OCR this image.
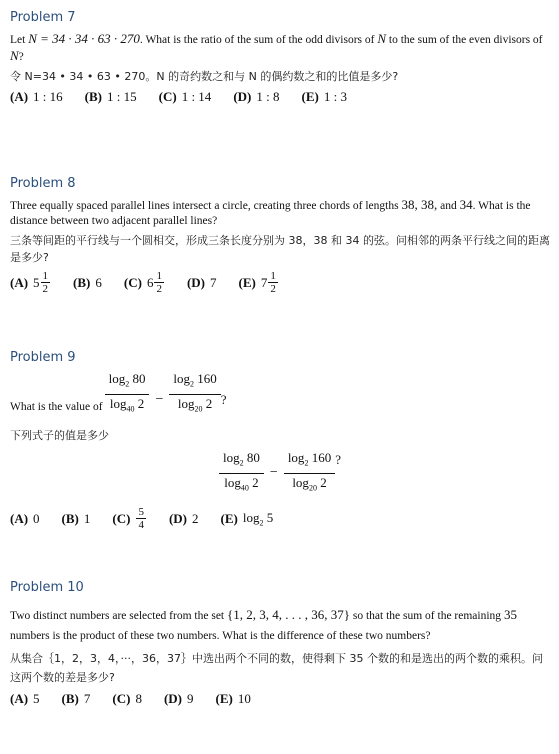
Problem 7

Let N = 34 · 34 · 63 · 270. What is the ratio of the sum of the odd divisors of N to the sum of the even divisors of N?

令 N=34 • 34 • 63 • 270。N 的奇约数之和与 N 的偶约数之和的比值是多少?

(A) 1 : 16 (B) 1 : 15 (C) 1 : 14 (D) 1 : 8 (E) 1 : 3
Problem 8

Three equally spaced parallel lines intersect a circle, creating three chords of lengths 38, 38, and 34. What is the distance between two adjacent parallel lines?

三条等间距的平行线与一个圆相交，形成三条长度分别为 38，38 和 34 的弦。问相邻的两条平行线之间的距离是多少?

(A) $5 \frac{1}{2} (B)$ 6 (C) $6 \frac{1}{2} (D)$ 7 (E) $7 \frac{1}{2}$
Problem 9
What is the value of $\frac{\log_2 80}{\log_{40} 2} - \frac{\log_2 160}{\log_{20} 2}$ ?

下列式子的值是多少

$\frac{\log_2 80}{\log_{40} 2} - \frac{\log_2 160}{\log_{20} 2}$ ?
(A) 0 (B) 1 $(C) \frac{5}{4} (D)$ 2 (E) $\log_2 5$
Problem 10

Two distinct numbers are selected from the set {1, 2, 3, 4, . . . , 36, 37} so that the sum of the remaining 35 numbers is the product of these two numbers. What is the difference of these two numbers?

从集合｛1，2，3，4，···，36，37｝中选出两个不同的数，使得剩下 35 个数的和是选出的两个数的乘积。问这两个数的差是多少?

(A) 5 (B) 7 (C) 8 (D) 9 (E) 10
